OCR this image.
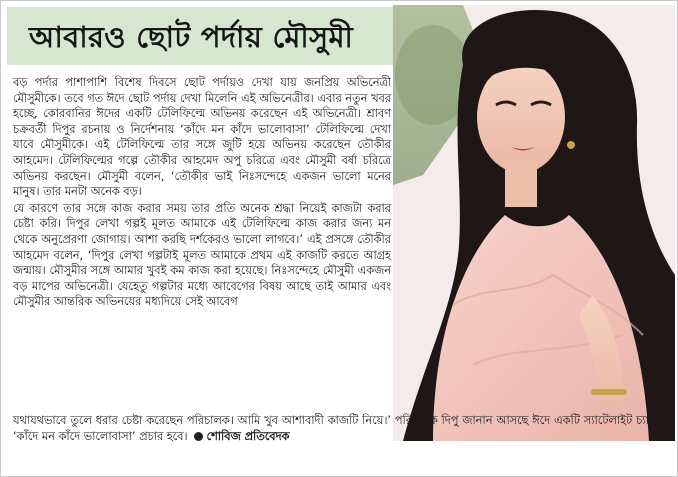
আবারও ছোট পর্দায় মৌসুমী

বড় পর্দার পাশাপাশি বিশেষ দিবসে ছোট পর্দায়ও দেখা যায় জনপ্রিয় অভিনেত্রী মৌসুমীকে। তবে গত ঈদে ছোট পর্দায় দেখা মিলেনি এই অভিনেত্রীর। এবার নতুন খবর হচ্ছে, কোরবানির ঈদের একটি টেলিফিল্মে অভিনয় করেছেন এই অভিনেত্রী। শ্রাবণ চক্রবর্তী দিপুর রচনায় ও নির্দেশনায় ‘কাঁদে মন কাঁদে ভালোবাসা’ টেলিফিল্মে দেখা যাবে মৌসুমীকে। এই টেলিফিল্মে তার সঙ্গে জুটি হয়ে অভিনয় করেছেন তৌকীর আহমেদ। টেলিফিল্মের গল্পে তৌকীর আহমেদ অপু চরিত্রে এবং মৌসুমী বর্ষা চরিত্রে অভিনয় করছেন। মৌসুমী বলেন, ‘তৌকীর ভাই নিঃসন্দেহে একজন ভালো মনের মানুষ। তার মনটা অনেক বড়।

যে কারণে তার সঙ্গে কাজ করার সময় তার প্রতি অনেক শ্রদ্ধা নিয়েই কাজটা করার চেষ্টা করি। দিপুর লেখা গল্পই মূলত আমাকে এই টেলিফিল্মে কাজ করার জন্য মন থেকে অনুপ্রেরণা জোগায়। আশা করছি দর্শকেরও ভালো লাগবে।’ এই প্রসঙ্গে তৌকীর আহমেদ বলেন, ‘দিপুর লেখা গল্পটাই মূলত আমাকে প্রথম এই কাজটি করতে আগ্রহ জন্মায়। মৌসুমীর সঙ্গে আমার খুবই কম কাজ করা হয়েছে। নিঃসন্দেহে মৌসুমী একজন বড় মাপের অভিনেত্রী। যেহেতু গল্পটার মধ্যে আবেগের বিষয় আছে তাই আমার এবং মৌসুমীর আন্তরিক অভিনয়ের মধ্যদিয়ে সেই আবেগ

যথাযথভাবে তুলে ধরার চেষ্টা করেছেন পরিচালক। আমি খুব আশাবাদী কাজটি নিয়ে।’ পরিচালক দিপু জানান আসছে ঈদে একটি স্যাটেলাইট চ্যানেলে ‘কাঁদে মন কাঁদে ভালোবাসা’ প্রচার হবে। শোবিজ প্রতিবেদক
